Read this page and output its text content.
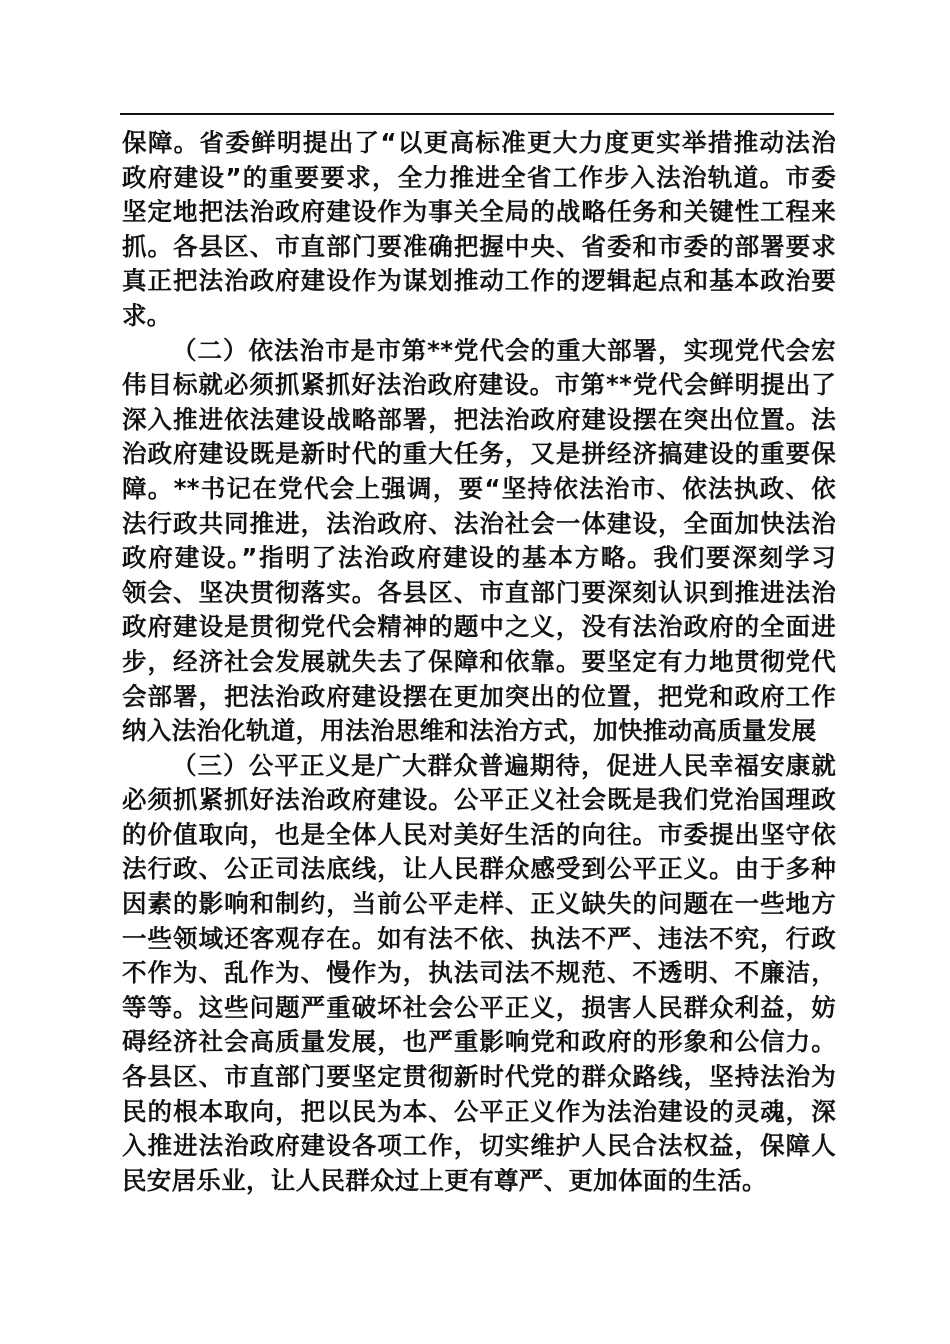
保障。省委鲜明提出了“以更高标准更大力度更实举措推动法治
政府建设”的重要要求，全力推进全省工作步入法治轨道。市委
坚定地把法治政府建设作为事关全局的战略任务和关键性工程来
抓。各县区、市直部门要准确把握中央、省委和市委的部署要求
真正把法治政府建设作为谋划推动工作的逻辑起点和基本政治要
求。
（二）依法治市是市第**党代会的重大部署，实现党代会宏
伟目标就必须抓紧抓好法治政府建设。市第**党代会鲜明提出了
深入推进依法建设战略部署，把法治政府建设摆在突出位置。法
治政府建设既是新时代的重大任务，又是拼经济搞建设的重要保
障。**书记在党代会上强调，要“坚持依法治市、依法执政、依
法行政共同推进，法治政府、法治社会一体建设，全面加快法治
政府建设。”指明了法治政府建设的基本方略。我们要深刻学习
领会、坚决贯彻落实。各县区、市直部门要深刻认识到推进法治
政府建设是贯彻党代会精神的题中之义，没有法治政府的全面进
步，经济社会发展就失去了保障和依靠。要坚定有力地贯彻党代
会部署，把法治政府建设摆在更加突出的位置，把党和政府工作
纳入法治化轨道，用法治思维和法治方式，加快推动高质量发展
（三）公平正义是广大群众普遍期待，促进人民幸福安康就
必须抓紧抓好法治政府建设。公平正义社会既是我们党治国理政
的价值取向，也是全体人民对美好生活的向往。市委提出坚守依
法行政、公正司法底线，让人民群众感受到公平正义。由于多种
因素的影响和制约，当前公平走样、正义缺失的问题在一些地方
一些领域还客观存在。如有法不依、执法不严、违法不究，行政
不作为、乱作为、慢作为，执法司法不规范、不透明、不廉洁，
等等。这些问题严重破坏社会公平正义，损害人民群众利益，妨
碍经济社会高质量发展，也严重影响党和政府的形象和公信力。
各县区、市直部门要坚定贯彻新时代党的群众路线，坚持法治为
民的根本取向，把以民为本、公平正义作为法治建设的灵魂，深
入推进法治政府建设各项工作，切实维护人民合法权益，保障人
民安居乐业，让人民群众过上更有尊严、更加体面的生活。
